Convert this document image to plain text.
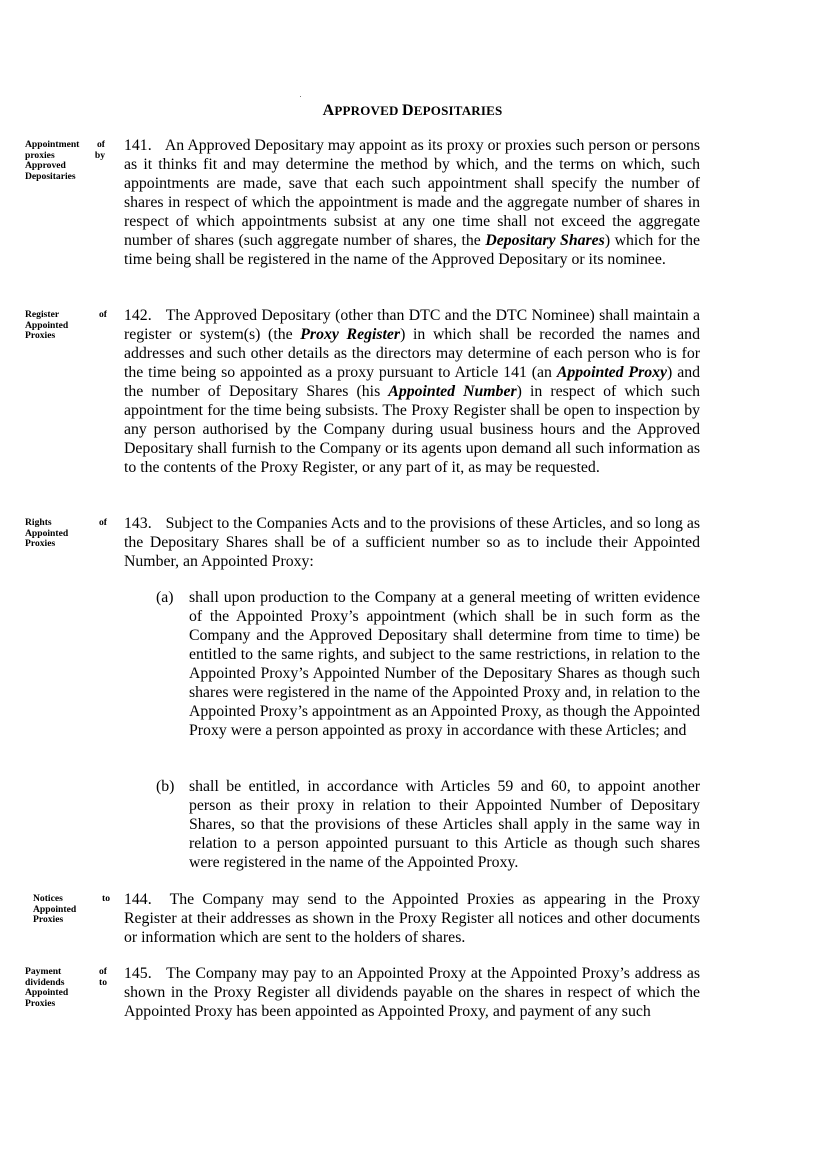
APPROVED DEPOSITARIES
Appointment of
proxies by
Approved
Depositaries
141. An Approved Depositary may appoint as its proxy or proxies such person or persons as it thinks fit and may determine the method by which, and the terms on which, such appointments are made, save that each such appointment shall specify the number of shares in respect of which the appointment is made and the aggregate number of shares in respect of which appointments subsist at any one time shall not exceed the aggregate number of shares (such aggregate number of shares, the Depositary Shares) which for the time being shall be registered in the name of the Approved Depositary or its nominee.
Register of
Appointed
Proxies
142. The Approved Depositary (other than DTC and the DTC Nominee) shall maintain a register or system(s) (the Proxy Register) in which shall be recorded the names and addresses and such other details as the directors may determine of each person who is for the time being so appointed as a proxy pursuant to Article 141 (an Appointed Proxy) and the number of Depositary Shares (his Appointed Number) in respect of which such appointment for the time being subsists. The Proxy Register shall be open to inspection by any person authorised by the Company during usual business hours and the Approved Depositary shall furnish to the Company or its agents upon demand all such information as to the contents of the Proxy Register, or any part of it, as may be requested.
Rights of
Appointed
Proxies
143. Subject to the Companies Acts and to the provisions of these Articles, and so long as the Depositary Shares shall be of a sufficient number so as to include their Appointed Number, an Appointed Proxy:
(a) shall upon production to the Company at a general meeting of written evidence of the Appointed Proxy’s appointment (which shall be in such form as the Company and the Approved Depositary shall determine from time to time) be entitled to the same rights, and subject to the same restrictions, in relation to the Appointed Proxy’s Appointed Number of the Depositary Shares as though such shares were registered in the name of the Appointed Proxy and, in relation to the Appointed Proxy’s appointment as an Appointed Proxy, as though the Appointed Proxy were a person appointed as proxy in accordance with these Articles; and
(b) shall be entitled, in accordance with Articles 59 and 60, to appoint another person as their proxy in relation to their Appointed Number of Depositary Shares, so that the provisions of these Articles shall apply in the same way in relation to a person appointed pursuant to this Article as though such shares were registered in the name of the Appointed Proxy.
Notices to
Appointed
Proxies
144. The Company may send to the Appointed Proxies as appearing in the Proxy Register at their addresses as shown in the Proxy Register all notices and other documents or information which are sent to the holders of shares.
Payment of
dividends to
Appointed
Proxies
145. The Company may pay to an Appointed Proxy at the Appointed Proxy’s address as shown in the Proxy Register all dividends payable on the shares in respect of which the Appointed Proxy has been appointed as Appointed Proxy, and payment of any such
